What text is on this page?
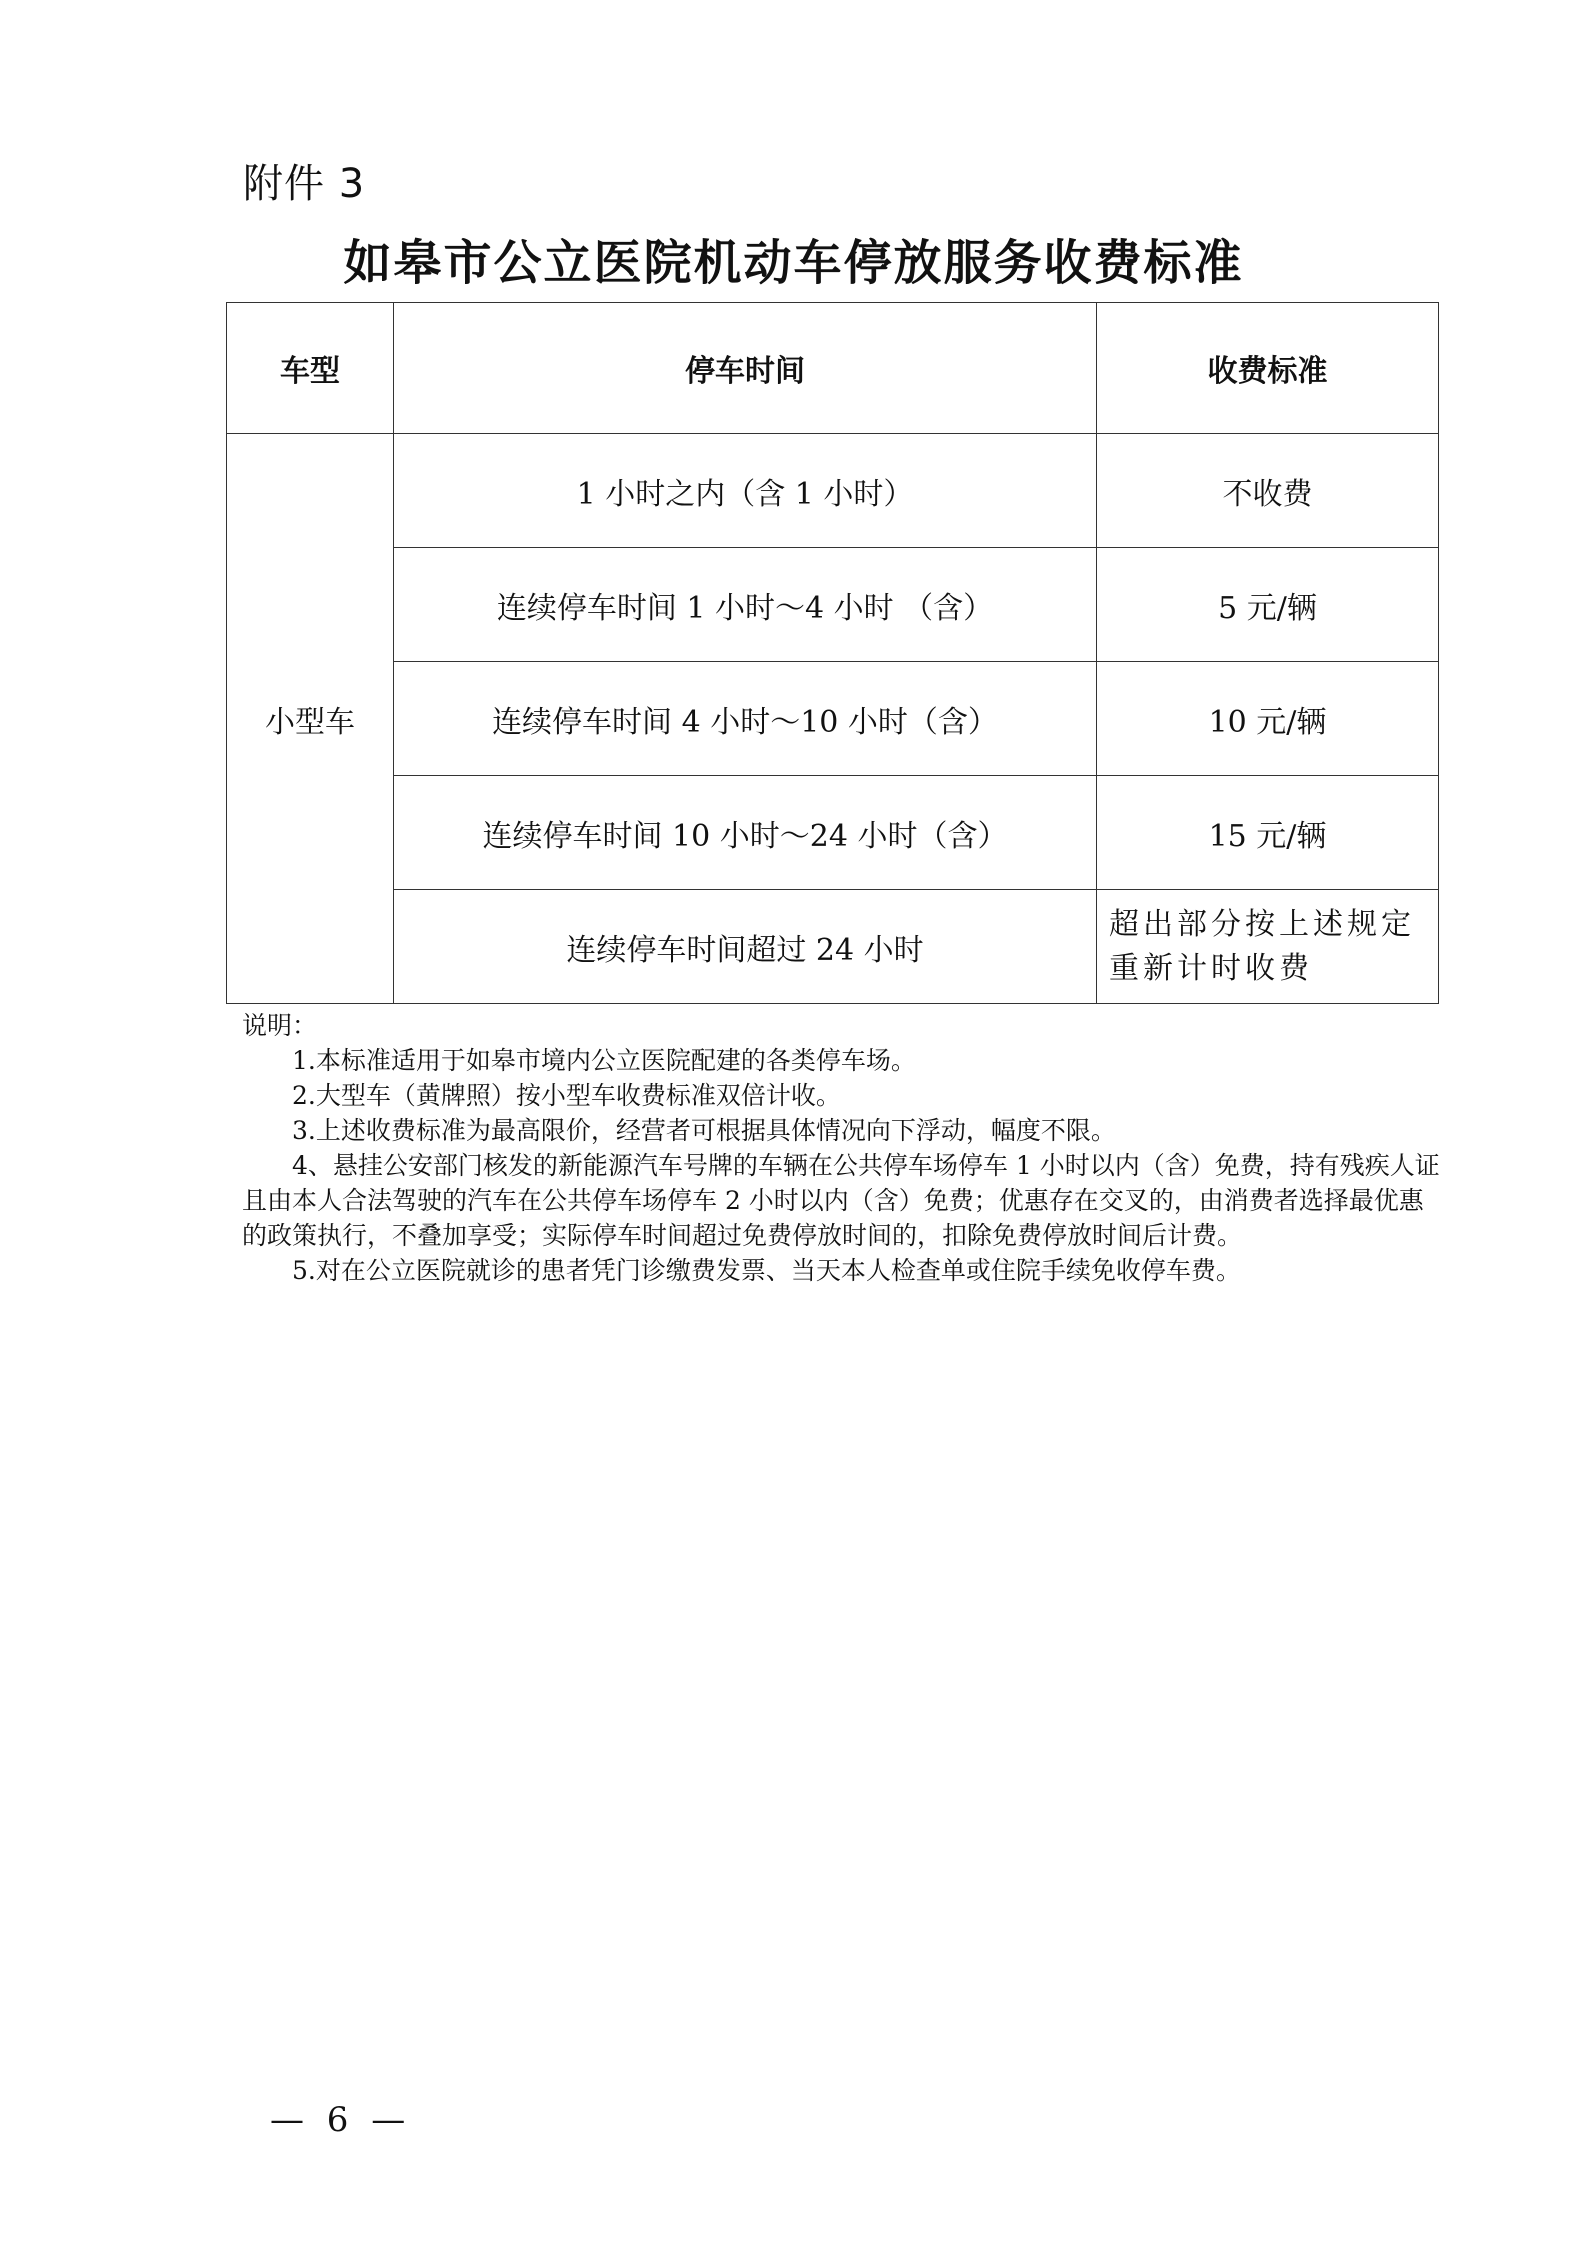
附件 3
如皋市公立医院机动车停放服务收费标准
车型	停车时间	收费标准
小型车	1 小时之内（含 1 小时）	不收费
	连续停车时间 1 小时～4 小时 （含）	5 元/辆
	连续停车时间 4 小时～10 小时（含）	10 元/辆
	连续停车时间 10 小时～24 小时（含）	15 元/辆
	连续停车时间超过 24 小时	超出部分按上述规定
重新计时收费

说明：

1.本标准适用于如皋市境内公立医院配建的各类停车场。

2.大型车（黄牌照）按小型车收费标准双倍计收。

3.上述收费标准为最高限价，经营者可根据具体情况向下浮动，幅度不限。

4、悬挂公安部门核发的新能源汽车号牌的车辆在公共停车场停车 1 小时以内（含）免费，持有残疾人证且由本人合法驾驶的汽车在公共停车场停车 2 小时以内（含）免费；优惠存在交叉的，由消费者选择最优惠的政策执行，不叠加享受；实际停车时间超过免费停放时间的，扣除免费停放时间后计费。

5.对在公立医院就诊的患者凭门诊缴费发票、当天本人检查单或住院手续免收停车费。

— 6 —
